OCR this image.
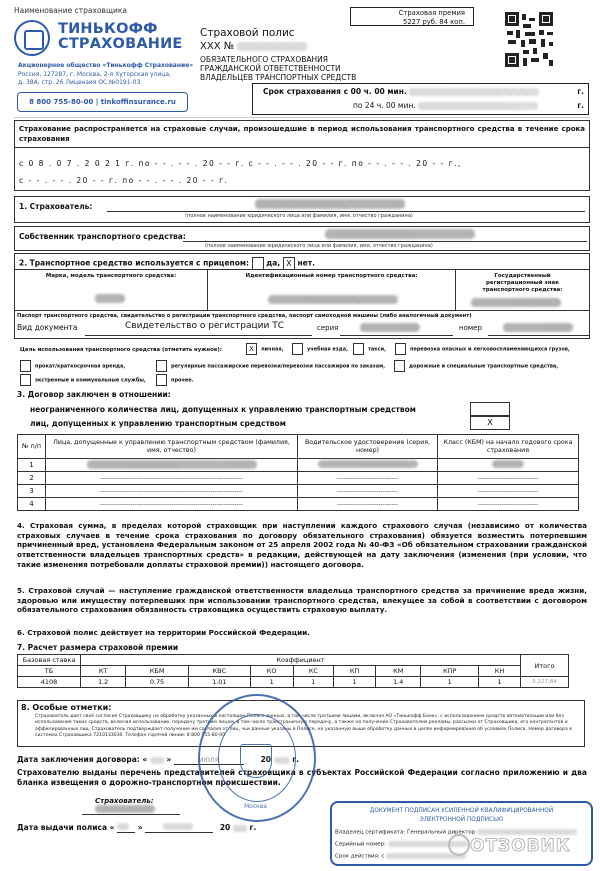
Наименование страховщика
ТИНЬКОФФ
СТРАХОВАНИЕ
Акционерное общество «Тинькофф Страхование»
Россия, 127287, г. Москва, 2-я Хуторская улица,
д. 38А, стр. 26 Лицензия ОС №0191-03
8 800 755-80-00 | tinkoffinsurance.ru
Страховой полис
ХХХ №
ОБЯЗАТЕЛЬНОГО СТРАХОВАНИЯ
ГРАЖДАНСКОЙ ОТВЕТСТВЕННОСТИ
ВЛАДЕЛЬЦЕВ ТРАНСПОРТНЫХ СРЕДСТВ
Страховая премия
5227 руб. 84 коп.
Срок страхования с 00 ч. 00 мин.	г.
по 24 ч. 00 мин.	г.
Страхование распространяется на страховые случаи, произошедшие в период использования транспортного средства в течение срока страхования
с 0 8 . 0 7 . 2 0 2 1 г. по - - . - - . 20 - - г. с - - . - - . 20 - - г. по - - . - - . 20 - - г.,
с - - . - - . 20 - - г. по - - . - - . 20 - - г.
1. Страхователь:
(полное наименование юридического лица или фамилия, имя, отчество гражданина)
Собственник транспортного средства:
(полное наименование юридического лица или фамилия, имя, отчество гражданина)
2. Транспортное средство используется с прицепом: да, X нет.
Марка, модель транспортного средства:	Идентификационный номер транспортного средства:	Государственный регистрационный знак транспортного средства:
Паспорт транспортного средства, свидетельство о регистрации транспортного средства, паспорт самоходной машины (либо аналогичный документ)
Вид документа	Свидетельство о регистрации ТС	серия	номер
Цель использования транспортного средства (отметить нужное):	X личная,	учебная езда,	такси,	перевозка опасных и легковоспламеняющихся грузов,
прокат/краткосрочная аренда,	регулярные пассажирские перевозки/перевозки пассажиров по заказам,	дорожные и специальные транспортные средства,
экстренные и коммунальные службы,	прочее.
3. Договор заключен в отношении:
неограниченного количества лиц, допущенных к управлению транспортным средством
лиц, допущенных к управлению транспортным средством	X
№ п/п	Лица, допущенные к управлению транспортным средством (фамилия, имя, отчество)	Водительское удостоверение (серия, номер)	Класс (КБМ) на начало годового срока страхования
1			
2	------------------------------------------------------------------	----------------------------	----------------------------
3	------------------------------------------------------------------	----------------------------	----------------------------
4	------------------------------------------------------------------	----------------------------	----------------------------
4. Страховая сумма, в пределах которой страховщик при наступлении каждого страхового случая (независимо от количества страховых случаев в течение срока страхования по договору обязательного страхования) обязуется возместить потерпевшим причиненный вред, установлена Федеральным законом от 25 апреля 2002 года № 40-ФЗ «Об обязательном страховании гражданской ответственности владельцев транспортных средств» в редакции, действующей на дату заключения (изменения (при условии, что такие изменения потребовали доплаты страховой премии)) настоящего договора.
5. Страховой случай — наступление гражданской ответственности владельца транспортного средства за причинение вреда жизни, здоровью или имуществу потерпевших при использовании транспортного средства, влекущее за собой в соответствии с договором обязательного страхования обязанность страховщика осуществить страховую выплату.
6. Страховой полис действует на территории Российской Федерации.
7. Расчет размера страховой премии
Базовая ставка	Коэффициент									Итого
ТБ	КТ	КБМ	КВС	КО	КС	КП	КМ	КПР	КН	
4108	1.2	0.75	1.01	1	1	1	1.4	1	1	5 227,84
8. Особые отметки:
Страхователь дает своё согласие Страховщику на обработку указанных в настоящем Полисе данных, в том числе третьими лицами, включая АО «Тинькофф Банк», с использованием средств автоматизации или без использования таких средств, включая использование, передачу третьим лицам, в том числе трансграничную передачу, а также на получение Страхователем рекламы, рассылки от Страховщика, его контрагентов и аффилированных лиц. Страхователь подтверждает получение им согласия от лиц, чьи данные указаны в Полисе, на указанную выше обработку данных в целях информирования об условиях Полиса. Номер договора в системах Страховщика 7210133030. Телефон горячей линии: 8 800 755-80-00.
Дата заключения договора: «	»	июля	20	г.
Страхователю выданы перечень представителей страховщика в субъектах Российской Федерации согласно приложению и два бланка извещения о дорожно-транспортном происшествии.
Страхователь:
Дата выдачи полиса «	»	20	г.
Москва
ДОКУМЕНТ ПОДПИСАН УСИЛЕННОЙ КВАЛИФИЦИРОВАННОЙ
ЭЛЕКТРОННОЙ ПОДПИСЬЮ
Владелец сертификата: Генеральный директор
Серийный номер:
Срок действия: с
ОТЗОВИК
